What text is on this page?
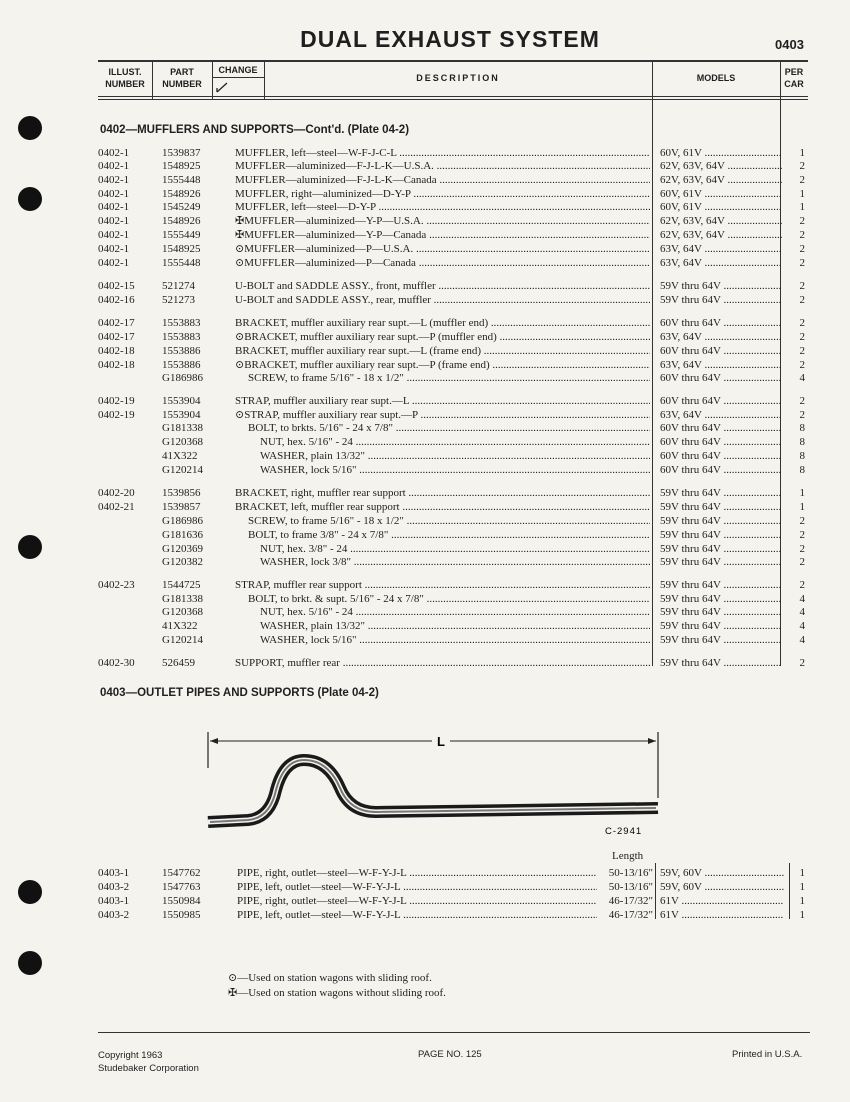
DUAL EXHAUST SYSTEM	0403
ILLUST.
NUMBER
PART
NUMBER
CHANGE
DESCRIPTION	MODELS
PER
CAR
0402—MUFFLERS AND SUPPORTS—Cont'd. (Plate 04-2)
0402-1	1539837	MUFFLER, left—steel—W-F-J-C-L .....	60V, 61V .....	1
0402-1	1548925	MUFFLER—aluminized—F-J-L-K—U.S.A. .....	62V, 63V, 64V .....	2
0402-1	1555448	MUFFLER—aluminized—F-J-L-K—Canada .....	62V, 63V, 64V .....	2
0402-1	1548926	MUFFLER, right—aluminized—D-Y-P .....	60V, 61V .....	1
0402-1	1545249	MUFFLER, left—steel—D-Y-P .....	60V, 61V .....	1
0402-1	1548926	✠MUFFLER—aluminized—Y-P—U.S.A. .....	62V, 63V, 64V .....	2
0402-1	1555449	✠MUFFLER—aluminized—Y-P—Canada .....	62V, 63V, 64V .....	2
0402-1	1548925	⊙MUFFLER—aluminized—P—U.S.A. .....	63V, 64V .....	2
0402-1	1555448	⊙MUFFLER—aluminized—P—Canada .....	63V, 64V .....	2
0402-15 521274	U-BOLT and SADDLE ASSY., front, muffler .....	59V thru 64V .....	2
0402-16 521273	U-BOLT and SADDLE ASSY., rear, muffler .....	59V thru 64V .....	2
0402-17 1553883	BRACKET, muffler auxiliary rear supt.—L (muffler end) .....	60V thru 64V .....	2
0402-17 1553883	⊙BRACKET, muffler auxiliary rear supt.—P (muffler end) .....	63V, 64V .....	2
0402-18 1553886	BRACKET, muffler auxiliary rear supt.—L (frame end) .....	60V thru 64V .....	2
0402-18 1553886	⊙BRACKET, muffler auxiliary rear supt.—P (frame end) .....	63V, 64V .....	2
G186986	SCREW, to frame 5/16" - 18 x 1/2" .....	60V thru 64V .....	4
0402-19 1553904	STRAP, muffler auxiliary rear supt.—L .....	60V thru 64V .....	2
0402-19 1553904	⊙STRAP, muffler auxiliary rear supt.—P .....	63V, 64V .....	2
G181338	BOLT, to brkts. 5/16" - 24 x 7/8" .....	60V thru 64V .....	8
G120368	NUT, hex. 5/16" - 24 .....	60V thru 64V .....	8
41X322	WASHER, plain 13/32" .....	60V thru 64V .....	8
G120214	WASHER, lock 5/16" .....	60V thru 64V .....	8
0402-20 1539856	BRACKET, right, muffler rear support .....	59V thru 64V .....	1
0402-21 1539857	BRACKET, left, muffler rear support .....	59V thru 64V .....	1
G186986	SCREW, to frame 5/16" - 18 x 1/2" .....	59V thru 64V .....	2
G181636	BOLT, to frame 3/8" - 24 x 7/8" .....	59V thru 64V .....	2
G120369	NUT, hex. 3/8" - 24 .....	59V thru 64V .....	2
G120382	WASHER, lock 3/8" .....	59V thru 64V .....	2
0402-23 1544725	STRAP, muffler rear support .....	59V thru 64V .....	2
G181338	BOLT, to brkt. & supt. 5/16" - 24 x 7/8" .....	59V thru 64V .....	4
G120368	NUT, hex. 5/16" - 24 .....	59V thru 64V .....	4
41X322	WASHER, plain 13/32" .....	59V thru 64V .....	4
G120214	WASHER, lock 5/16" .....	59V thru 64V .....	4
0402-30 526459	SUPPORT, muffler rear .....	59V thru 64V .....	2
0403—OUTLET PIPES AND SUPPORTS (Plate 04-2)
L
C-2941
Length
0403-1	1547762	PIPE, right, outlet—steel—W-F-Y-J-L .....	50-13/16" 59V, 60V .....	1
0403-2	1547763	PIPE, left, outlet—steel—W-F-Y-J-L .....	50-13/16" 59V, 60V .....	1
0403-1	1550984	PIPE, right, outlet—steel—W-F-Y-J-L .....	46-17/32" 61V .....	1
0403-2	1550985	PIPE, left, outlet—steel—W-F-Y-J-L .....	46-17/32" 61V .....	1
⊙—Used on station wagons with sliding roof.
✠—Used on station wagons without sliding roof.
Copyright 1963
Studebaker Corporation
PAGE NO. 125	Printed in U.S.A.
